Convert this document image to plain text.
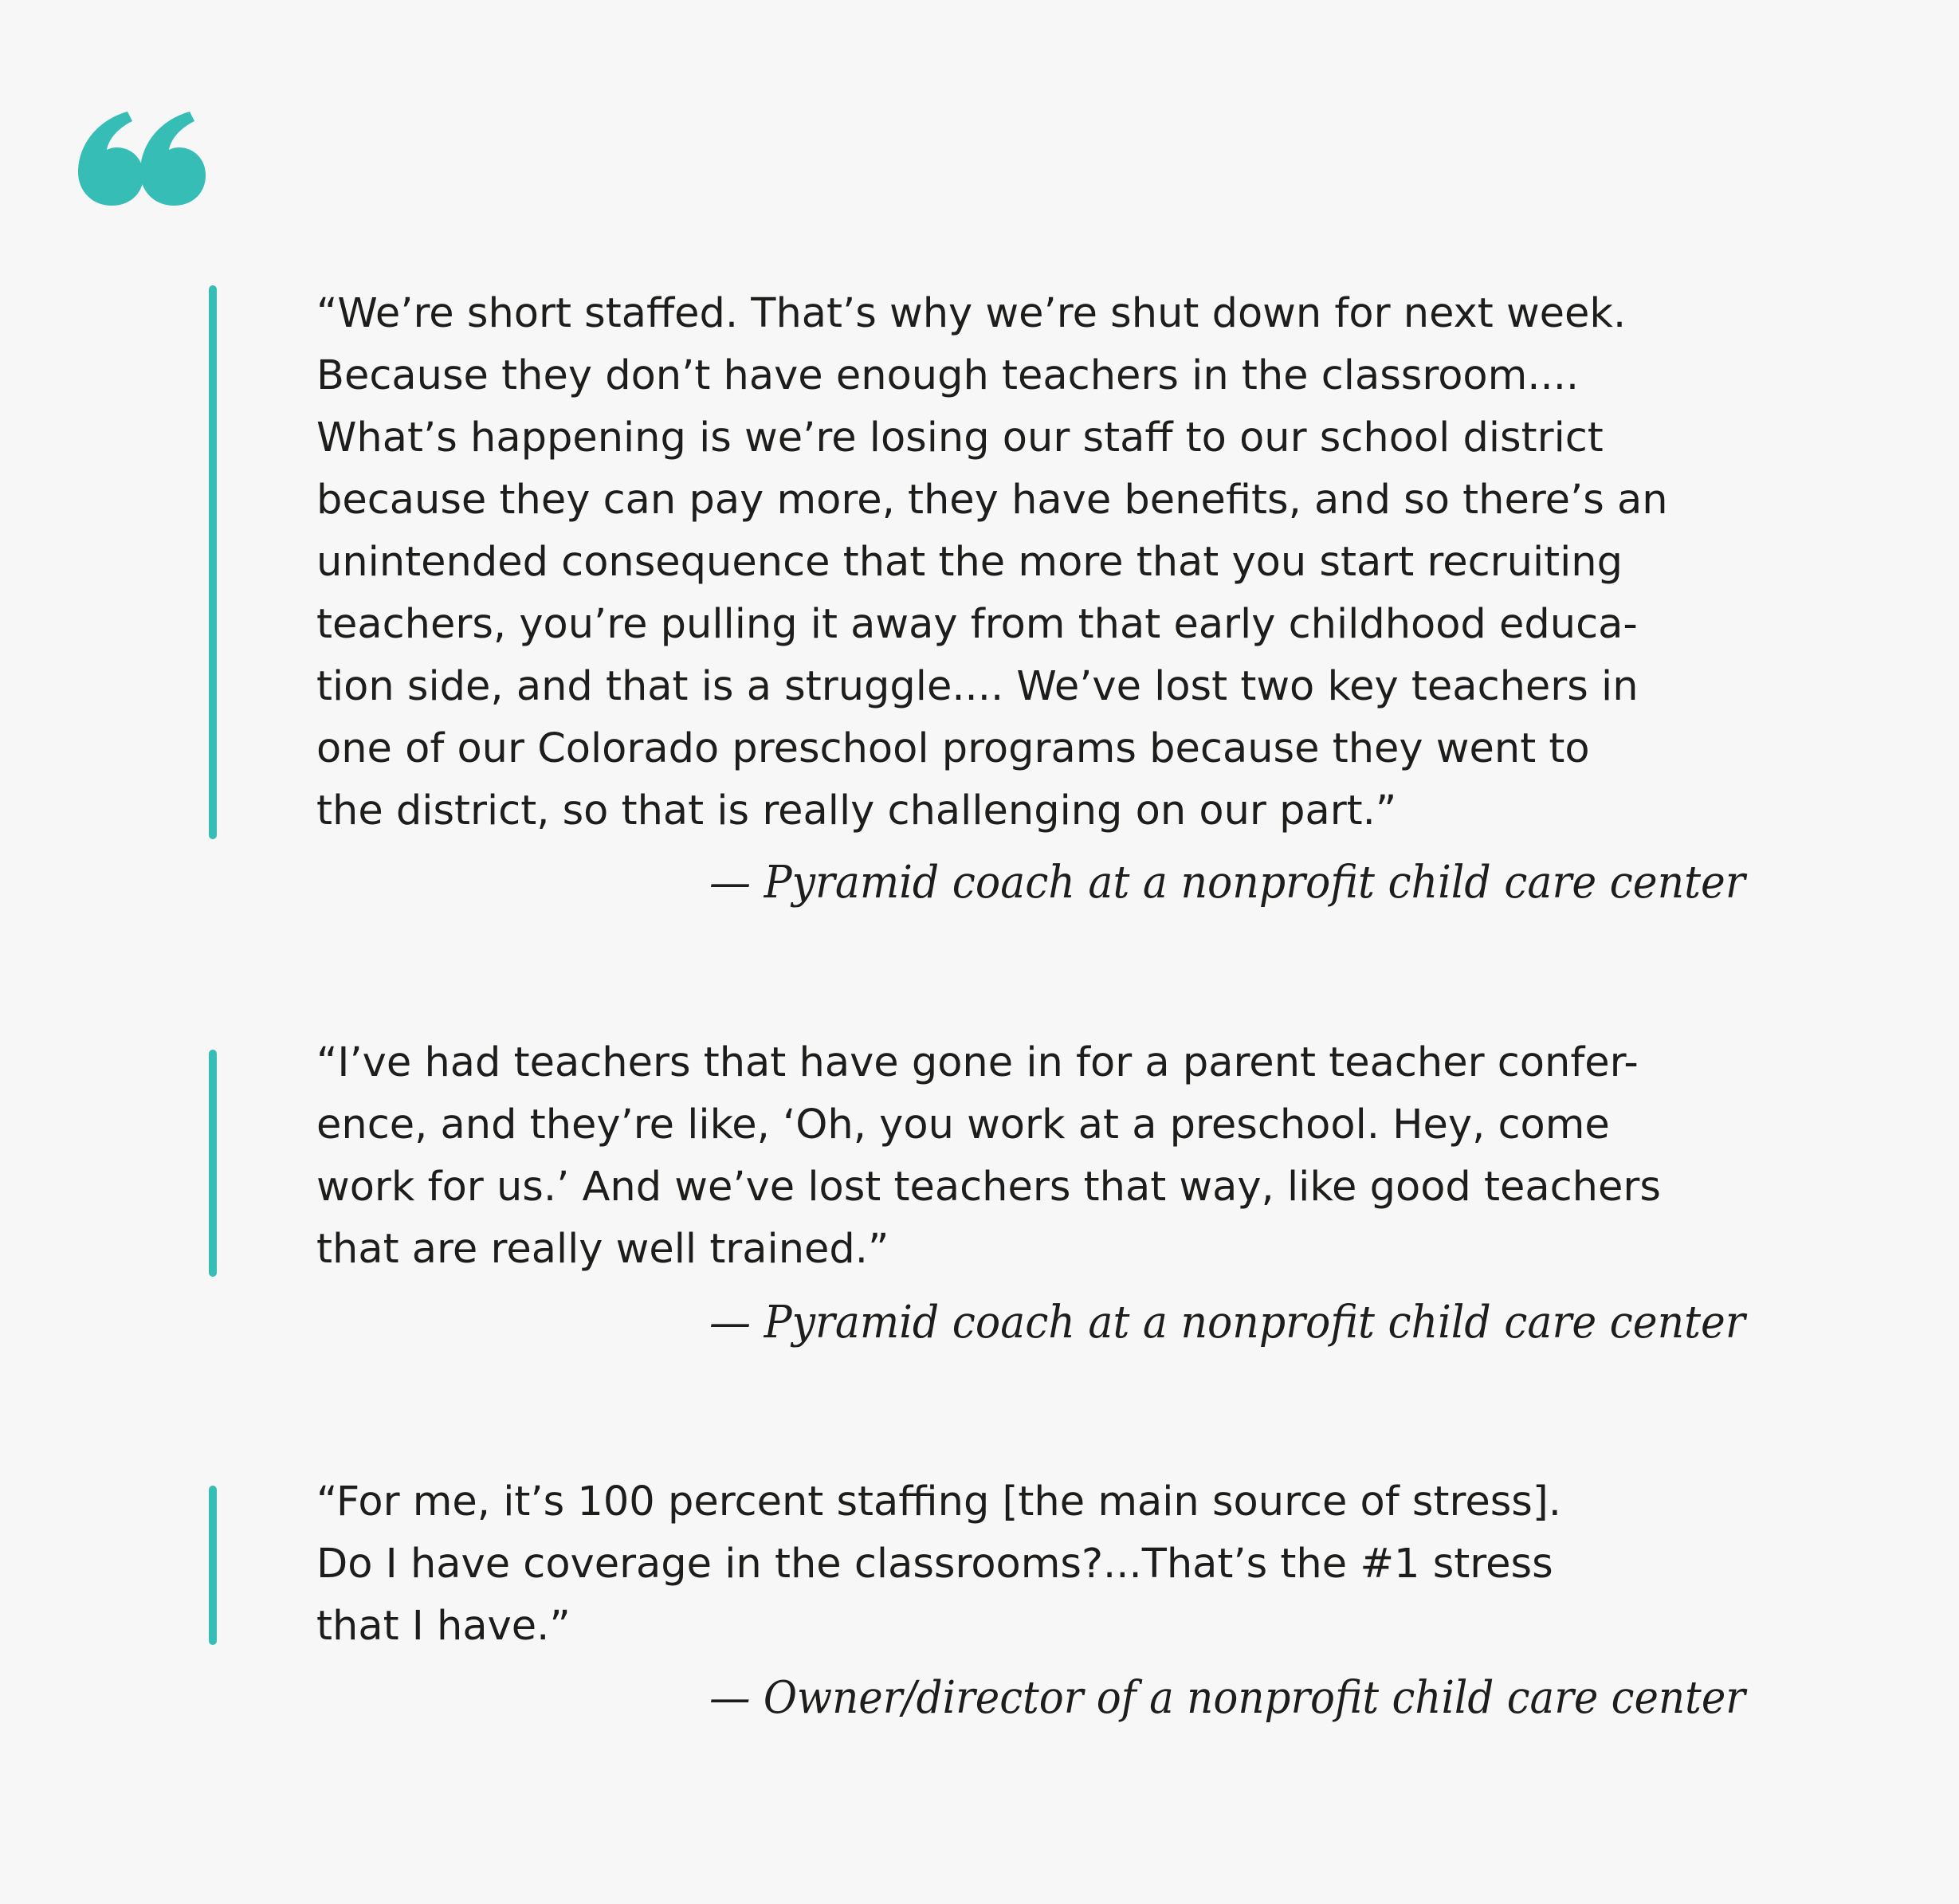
“We’re short staffed. That’s why we’re shut down for next week.
Because they don’t have enough teachers in the classroom....
What’s happening is we’re losing our staff to our school district
because they can pay more, they have benefits, and so there’s an
unintended consequence that the more that you start recruiting
teachers, you’re pulling it away from that early childhood educa-
tion side, and that is a struggle.... We’ve lost two key teachers in
one of our Colorado preschool programs because they went to
the district, so that is really challenging on our part.”
— Pyramid coach at a nonprofit child care center
“I’ve had teachers that have gone in for a parent teacher confer-
ence, and they’re like, ‘Oh, you work at a preschool. Hey, come
work for us.’ And we’ve lost teachers that way, like good teachers
that are really well trained.”
— Pyramid coach at a nonprofit child care center
“For me, it’s 100 percent staffing [the main source of stress].
Do I have coverage in the classrooms?...That’s the #1 stress
that I have.”
— Owner/director of a nonprofit child care center
